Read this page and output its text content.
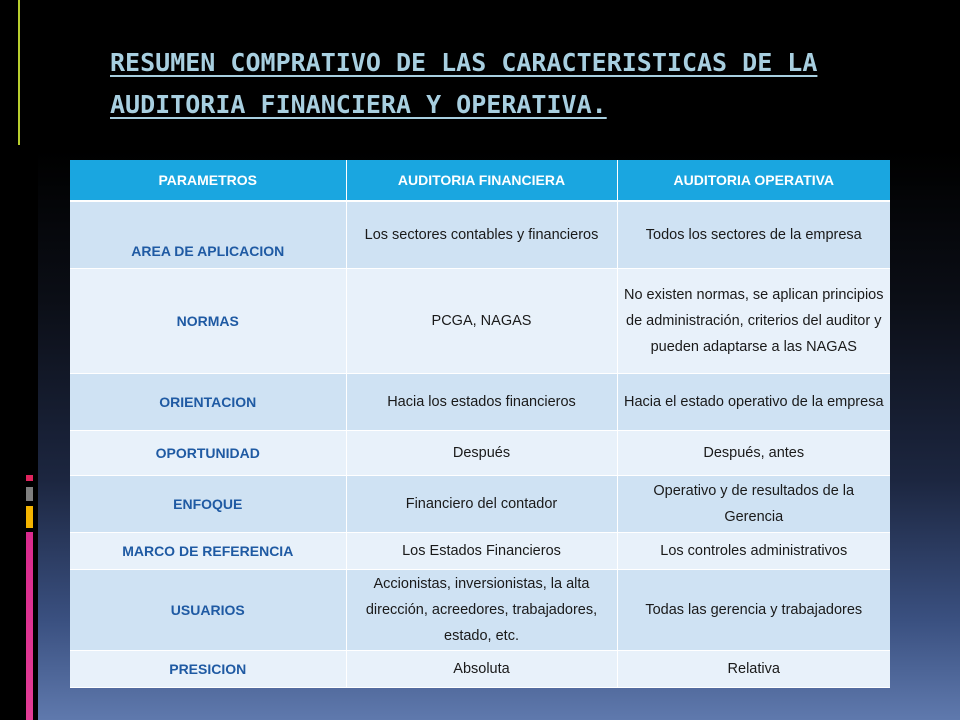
RESUMEN COMPRATIVO DE LAS CARACTERISTICAS DE LA AUDITORIA FINANCIERA Y OPERATIVA.
PARAMETROS	AUDITORIA FINANCIERA	AUDITORIA OPERATIVA
AREA DE APLICACION	Los sectores contables y financieros	Todos los sectores de la empresa
NORMAS	PCGA, NAGAS	No existen normas, se aplican principios de administración, criterios del auditor y pueden adaptarse a las NAGAS
ORIENTACION	Hacia los estados financieros	Hacia el estado operativo de la empresa
OPORTUNIDAD	Después	Después, antes
ENFOQUE	Financiero del contador	Operativo y de resultados de la Gerencia
MARCO DE REFERENCIA	Los Estados Financieros	Los controles administrativos
USUARIOS	Accionistas, inversionistas, la alta dirección, acreedores, trabajadores, estado, etc.	Todas las gerencia y trabajadores
PRESICION	Absoluta	Relativa
